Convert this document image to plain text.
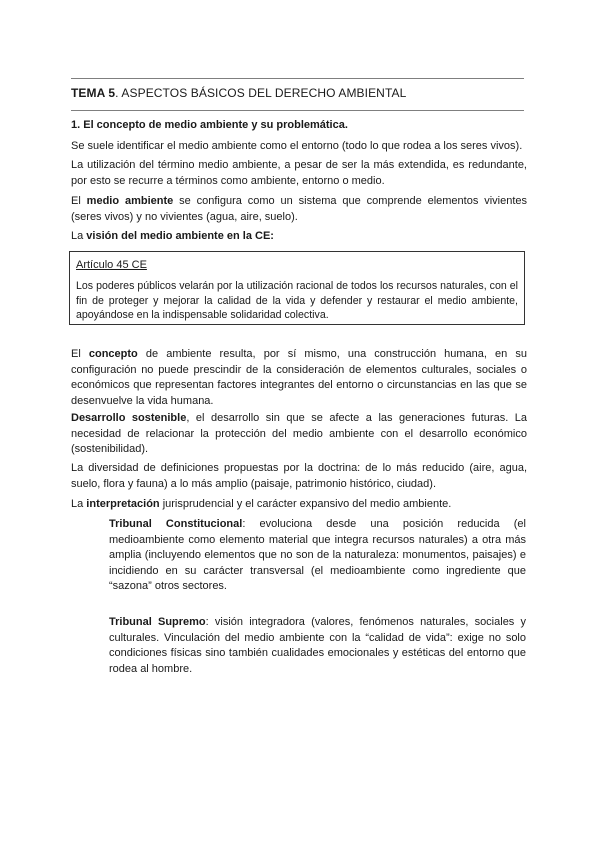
TEMA 5. ASPECTOS BÁSICOS DEL DERECHO AMBIENTAL

1. El concepto de medio ambiente y su problemática.

Se suele identificar el medio ambiente como el entorno (todo lo que rodea a los seres vivos).

La utilización del término medio ambiente, a pesar de ser la más extendida, es redundante, por esto se recurre a términos como ambiente, entorno o medio.

El medio ambiente se configura como un sistema que comprende elementos vivientes (seres vivos) y no vivientes (agua, aire, suelo).

La visión del medio ambiente en la CE:

Artículo 45 CE

Los poderes públicos velarán por la utilización racional de todos los recursos naturales, con el fin de proteger y mejorar la calidad de la vida y defender y restaurar el medio ambiente, apoyándose en la indispensable solidaridad colectiva.

El concepto de ambiente resulta, por sí mismo, una construcción humana, en su configuración no puede prescindir de la consideración de elementos culturales, sociales o económicos que representan factores integrantes del entorno o circunstancias en las que se desenvuelve la vida humana.

Desarrollo sostenible, el desarrollo sin que se afecte a las generaciones futuras. La necesidad de relacionar la protección del medio ambiente con el desarrollo económico (sostenibilidad).

La diversidad de definiciones propuestas por la doctrina: de lo más reducido (aire, agua, suelo, flora y fauna) a lo más amplio (paisaje, patrimonio histórico, ciudad).

La interpretación jurisprudencial y el carácter expansivo del medio ambiente.

Tribunal Constitucional: evoluciona desde una posición reducida (el medioambiente como elemento material que integra recursos naturales) a otra más amplia (incluyendo elementos que no son de la naturaleza: monumentos, paisajes) e incidiendo en su carácter transversal (el medioambiente como ingrediente que “sazona” otros sectores.

Tribunal Supremo: visión integradora (valores, fenómenos naturales, sociales y culturales. Vinculación del medio ambiente con la “calidad de vida”: exige no solo condiciones físicas sino también cualidades emocionales y estéticas del entorno que rodea al hombre.
